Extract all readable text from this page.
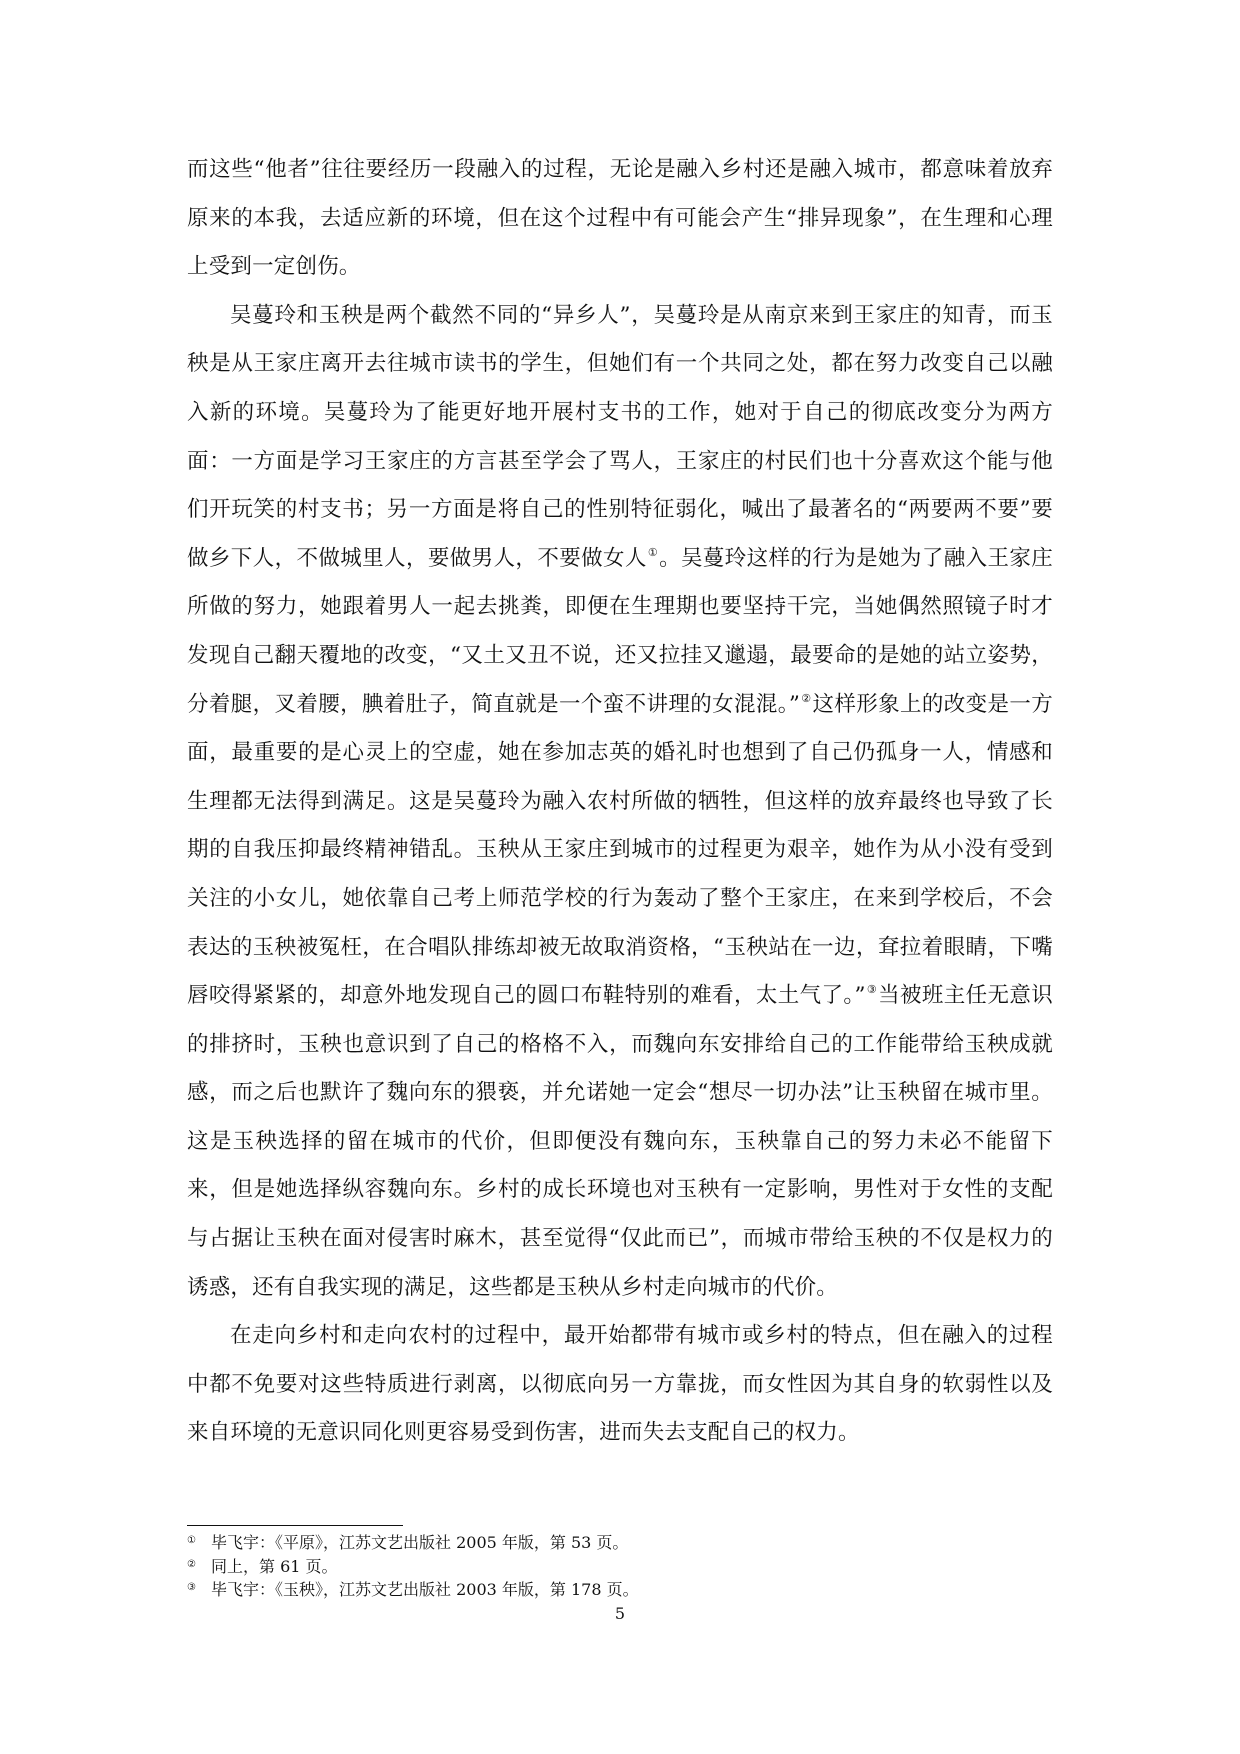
而这些“他者”往往要经历一段融入的过程，无论是融入乡村还是融入城市，都意味着放弃原来的本我，去适应新的环境，但在这个过程中有可能会产生“排异现象”，在生理和心理上受到一定创伤。

吴蔓玲和玉秧是两个截然不同的“异乡人”，吴蔓玲是从南京来到王家庄的知青，而玉秧是从王家庄离开去往城市读书的学生，但她们有一个共同之处，都在努力改变自己以融入新的环境。吴蔓玲为了能更好地开展村支书的工作，她对于自己的彻底改变分为两方面：一方面是学习王家庄的方言甚至学会了骂人，王家庄的村民们也十分喜欢这个能与他们开玩笑的村支书；另一方面是将自己的性别特征弱化，喊出了最著名的“两要两不要”要做乡下人，不做城里人，要做男人，不要做女人①。吴蔓玲这样的行为是她为了融入王家庄所做的努力，她跟着男人一起去挑粪，即便在生理期也要坚持干完，当她偶然照镜子时才发现自己翻天覆地的改变，“又土又丑不说，还又拉挂又邋遢，最要命的是她的站立姿势，分着腿，叉着腰，腆着肚子，简直就是一个蛮不讲理的女混混。”②这样形象上的改变是一方面，最重要的是心灵上的空虚，她在参加志英的婚礼时也想到了自己仍孤身一人，情感和生理都无法得到满足。这是吴蔓玲为融入农村所做的牺牲，但这样的放弃最终也导致了长期的自我压抑最终精神错乱。玉秧从王家庄到城市的过程更为艰辛，她作为从小没有受到关注的小女儿，她依靠自己考上师范学校的行为轰动了整个王家庄，在来到学校后，不会表达的玉秧被冤枉，在合唱队排练却被无故取消资格，“玉秧站在一边，耷拉着眼睛，下嘴唇咬得紧紧的，却意外地发现自己的圆口布鞋特别的难看，太土气了。”③当被班主任无意识的排挤时，玉秧也意识到了自己的格格不入，而魏向东安排给自己的工作能带给玉秧成就感，而之后也默许了魏向东的猥亵，并允诺她一定会“想尽一切办法”让玉秧留在城市里。这是玉秧选择的留在城市的代价，但即便没有魏向东，玉秧靠自己的努力未必不能留下来，但是她选择纵容魏向东。乡村的成长环境也对玉秧有一定影响，男性对于女性的支配与占据让玉秧在面对侵害时麻木，甚至觉得“仅此而已”，而城市带给玉秧的不仅是权力的诱惑，还有自我实现的满足，这些都是玉秧从乡村走向城市的代价。

在走向乡村和走向农村的过程中，最开始都带有城市或乡村的特点，但在融入的过程中都不免要对这些特质进行剥离，以彻底向另一方靠拢，而女性因为其自身的软弱性以及来自环境的无意识同化则更容易受到伤害，进而失去支配自己的权力。

① 毕飞宇：《平原》，江苏文艺出版社 2005 年版，第 53 页。
② 同上，第 61 页。
③ 毕飞宇：《玉秧》，江苏文艺出版社 2003 年版，第 178 页。
5
